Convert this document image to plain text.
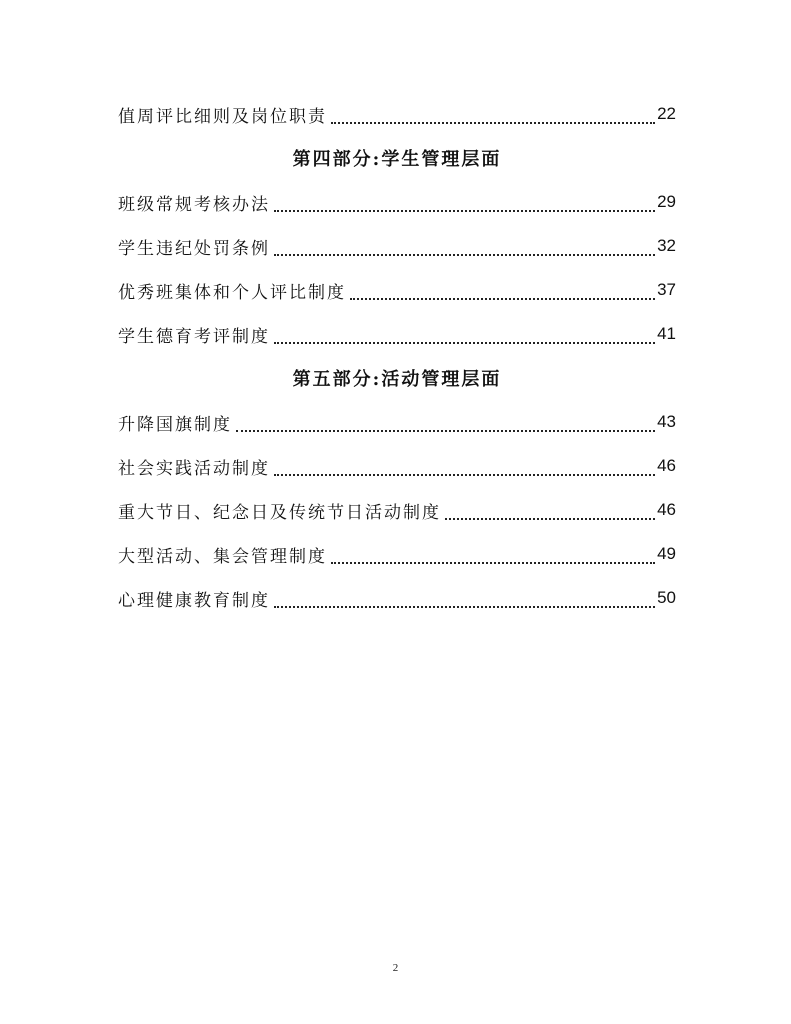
值周评比细则及岗位职责	22
第四部分:学生管理层面
班级常规考核办法	29
学生违纪处罚条例	32
优秀班集体和个人评比制度	37
学生德育考评制度	41
第五部分:活动管理层面
升降国旗制度	43
社会实践活动制度	46
重大节日、纪念日及传统节日活动制度	46
大型活动、集会管理制度	49
心理健康教育制度	50
2
